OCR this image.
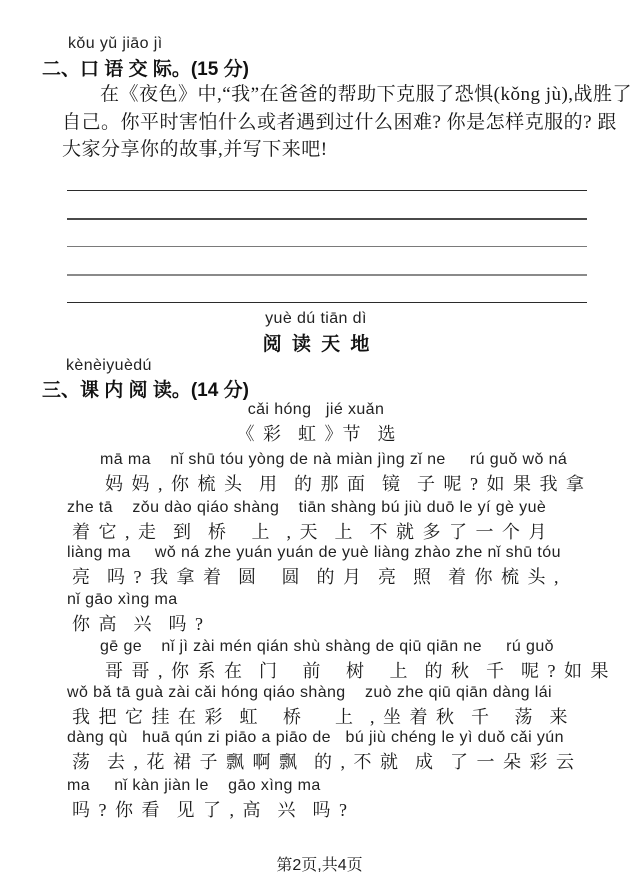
kǒu yǔ jiāo jì
二、口 语 交 际。(15 分)
在《夜色》中,“我”在爸爸的帮助下克服了恐惧(kǒng jù),战胜了
自己。你平时害怕什么或者遇到过什么困难? 你是怎样克服的? 跟
大家分享你的故事,并写下来吧!
yuè dú tiān dì
阅 读 天 地
kènèiyuèdú
三、课 内 阅 读。(14 分)
cǎi hóng   jié xuǎn
《 彩  虹 》节  选
mā ma    nǐ shū tóu yòng de nà miàn jìng zǐ ne     rú guǒ wǒ ná
妈 妈 , 你 梳 头  用  的 那 面  镜  子 呢 ? 如 果 我 拿
zhe tā    zǒu dào qiáo shàng    tiān shàng bú jiù duō le yí gè yuè
着 它 , 走  到  桥   上  , 天  上  不 就 多 了 一 个 月
liàng ma     wǒ ná zhe yuán yuán de yuè liàng zhào zhe nǐ shū tóu
亮  吗 ? 我 拿 着  圆   圆  的 月  亮  照  着 你 梳 头 ,
nǐ gāo xìng ma
你 高  兴  吗 ?
gē ge    nǐ jì zài mén qián shù shàng de qiū qiān ne     rú guǒ
哥 哥 , 你 系 在  门   前   树   上  的 秋  千  呢 ? 如 果
wǒ bǎ tā guà zài cǎi hóng qiáo shàng    zuò zhe qiū qiān dàng lái
我 把 它 挂 在 彩  虹   桥    上  , 坐 着 秋  千   荡  来
dàng qù   huā qún zi piāo a piāo de   bú jiù chéng le yì duǒ cǎi yún
荡  去 , 花 裙 子 飘 啊 飘  的 , 不 就  成  了 一 朵 彩 云
ma     nǐ kàn jiàn le    gāo xìng ma
吗 ? 你 看  见 了 , 高  兴  吗 ?
第2页,共4页
